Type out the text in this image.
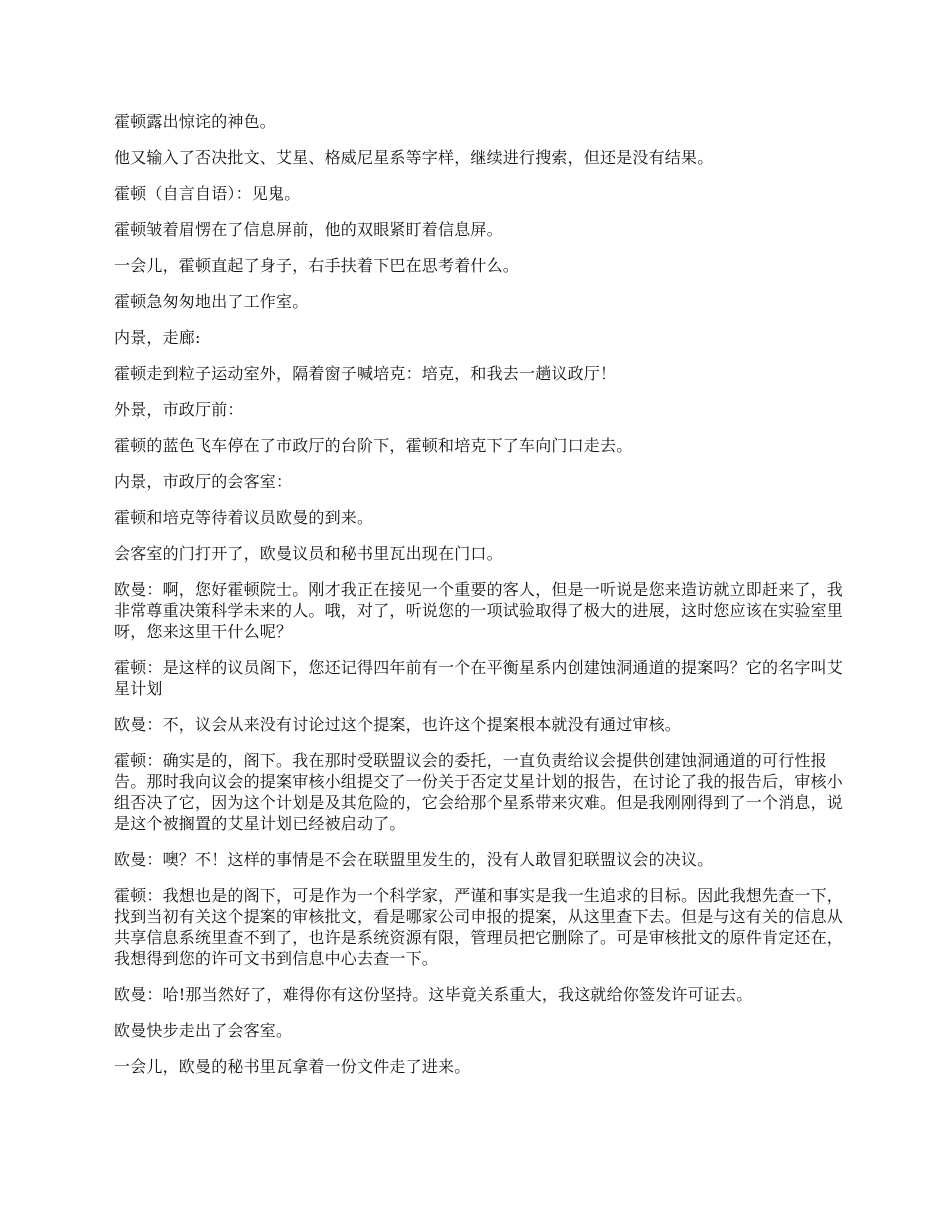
霍顿露出惊诧的神色。

他又输入了否决批文、艾星、格威尼星系等字样，继续进行搜索，但还是没有结果。

霍顿（自言自语）：见鬼。

霍顿皱着眉愣在了信息屏前，他的双眼紧盯着信息屏。

一会儿，霍顿直起了身子，右手扶着下巴在思考着什么。

霍顿急匆匆地出了工作室。

内景，走廊:

霍顿走到粒子运动室外，隔着窗子喊培克：培克，和我去一趟议政厅！

外景，市政厅前：

霍顿的蓝色飞车停在了市政厅的台阶下，霍顿和培克下了车向门口走去。

内景，市政厅的会客室：

霍顿和培克等待着议员欧曼的到来。

会客室的门打开了，欧曼议员和秘书里瓦出现在门口。

欧曼：啊，您好霍顿院士。刚才我正在接见一个重要的客人，但是一听说是您来造访就立即赶来了，我非常尊重决策科学未来的人。哦，对了，听说您的一项试验取得了极大的进展，这时您应该在实验室里呀，您来这里干什么呢？

霍顿：是这样的议员阁下，您还记得四年前有一个在平衡星系内创建蚀洞通道的提案吗？它的名字叫艾星计划

欧曼：不，议会从来没有讨论过这个提案，也许这个提案根本就没有通过审核。

霍顿：确实是的，阁下。我在那时受联盟议会的委托，一直负责给议会提供创建蚀洞通道的可行性报告。那时我向议会的提案审核小组提交了一份关于否定艾星计划的报告，在讨论了我的报告后，审核小组否决了它，因为这个计划是及其危险的，它会给那个星系带来灾难。但是我刚刚得到了一个消息，说是这个被搁置的艾星计划已经被启动了。

欧曼：噢？不！这样的事情是不会在联盟里发生的，没有人敢冒犯联盟议会的决议。

霍顿：我想也是的阁下，可是作为一个科学家，严谨和事实是我一生追求的目标。因此我想先查一下，找到当初有关这个提案的审核批文，看是哪家公司申报的提案，从这里查下去。但是与这有关的信息从共享信息系统里查不到了，也许是系统资源有限，管理员把它删除了。可是审核批文的原件肯定还在，我想得到您的许可文书到信息中心去查一下。

欧曼：哈!那当然好了，难得你有这份坚持。这毕竟关系重大，我这就给你签发许可证去。

欧曼快步走出了会客室。

一会儿，欧曼的秘书里瓦拿着一份文件走了进来。
